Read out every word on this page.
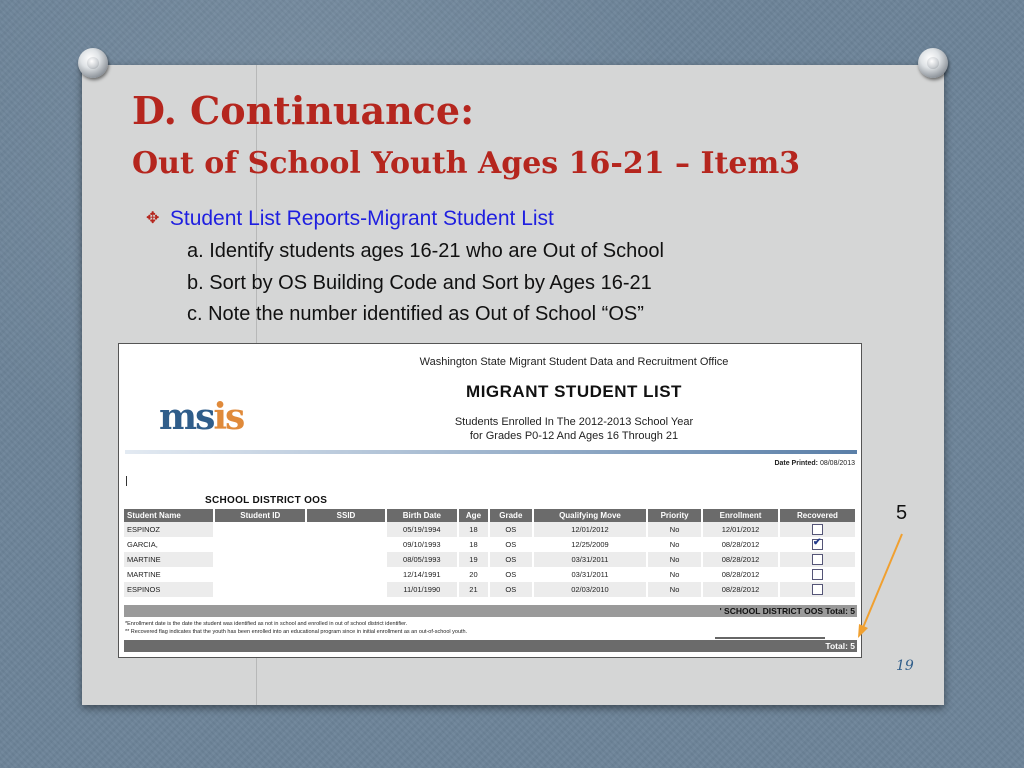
D. Continuance:
Out of School Youth Ages 16-21 – Item3
✥ Student List Reports-Migrant Student List
a. Identify students ages 16-21 who are Out of School
b. Sort by OS Building Code and Sort by Ages 16-21
c. Note the number identified as Out of School “OS”
msis
Washington State Migrant Student Data and Recruitment Office
MIGRANT STUDENT LIST
Students Enrolled In The 2012-2013 School Year
for Grades P0-12 And Ages 16 Through 21
Date Printed: 08/08/2013
SCHOOL DISTRICT OOS
Student Name	Student ID	SSID	Birth Date	Age	Grade	Qualifying Move	Priority	Enrollment	Recovered
ESPINOZ			05/19/1994	18	OS	12/01/2012	No	12/01/2012	
GARCIA,			09/10/1993	18	OS	12/25/2009	No	08/28/2012	✔

MARTINE			08/05/1993	19	OS	03/31/2011	No	08/28/2012	
MARTINE			12/14/1991	20	OS	03/31/2011	No	08/28/2012	
ESPINOS			11/01/1990	21	OS	02/03/2010	No	08/28/2012	
' SCHOOL DISTRICT OOS Total: 5
*Enrollment date is the date the student was identified as not in school and enrolled in out of school district identifier.
** Recovered flag indicates that the youth has been enrolled into an educational program since in initial enrollment as an out-of-school youth.
Total: 5
5
19
